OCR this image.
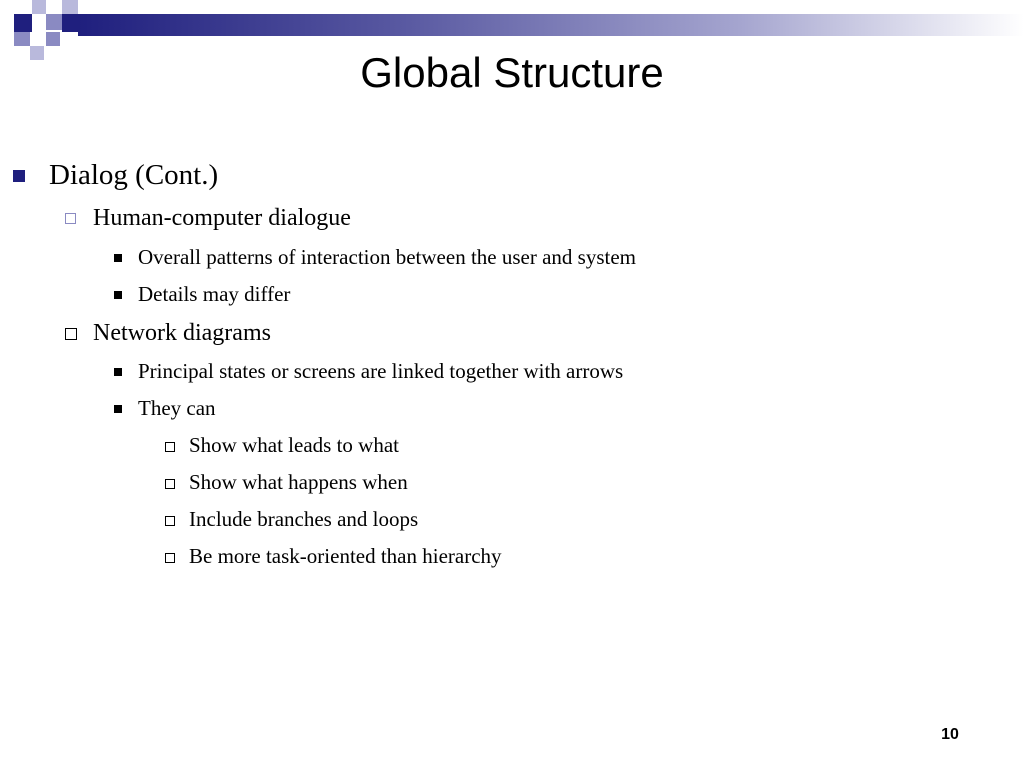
Global Structure
Dialog (Cont.)
Human-computer dialogue
Overall patterns of interaction between the user and system
Details may differ
Network diagrams
Principal states or screens are linked together with arrows
They can
Show what leads to what
Show what happens when
Include branches and loops
Be more task-oriented than hierarchy
10
